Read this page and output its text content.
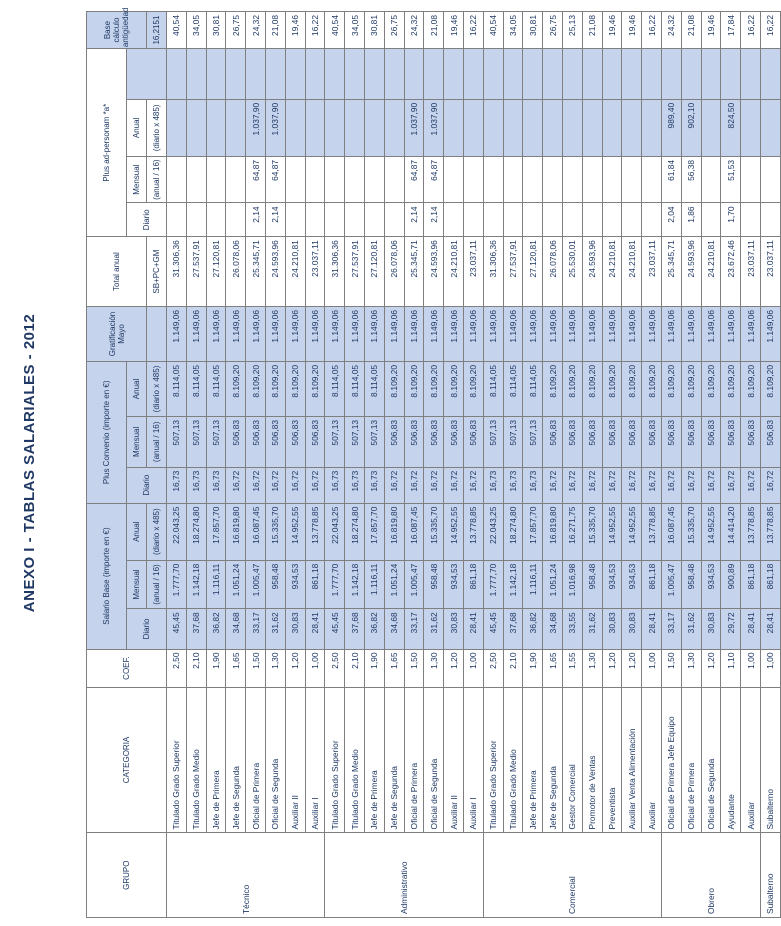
ANEXO I - TABLAS SALARIALES - 2012
GRUPO	CATEGORIA	COEF.	Salario Base (importe en €)			Plus Convenio (importe en €)			Gratificación Mayo	Total anual	Plus ad-personam *a*				Base cálculo antigüedad
			Diario	Mensual	Anual	Diario	Mensual	Anual			Diario	Mensual	Anual		
				(anual / 16)	(diario x 485)		(anual / 16)	(diario x 485)		SB+PC+GM		(anual / 16)	(diario x 485)		16,2151
Técnico	Titulado Grado Superior	2,50	45,45	1.777,70	22.043,25	16,73	507,13	8.114,05	1.149,06	31.306,36					40,54
	Titulado Grado Medio	2,10	37,68	1.142,18	18.274,80	16,73	507,13	8.114,05	1.149,06	27.537,91					34,05
	Jefe de Primera	1,90	36,82	1.116,11	17.857,70	16,73	507,13	8.114,05	1.149,06	27.120,81					30,81
	Jefe de Segunda	1,65	34,68	1.051,24	16.819,80	16,72	506,83	8.109,20	1.149,06	26.078,06					26,75
	Oficial de Primera	1,50	33,17	1.005,47	16.087,45	16,72	506,83	8.109,20	1.149,06	25.345,71	2,14	64,87	1.037,90		24,32
	Oficial de Segunda	1,30	31,62	958,48	15.335,70	16,72	506,83	8.109,20	1.149,06	24.593,96	2,14	64,87	1.037,90		21,08
	Auxiliar II	1,20	30,83	934,53	14.952,55	16,72	506,83	8.109,20	1.149,06	24.210,81					19,46
	Auxiliar I	1,00	28,41	861,18	13.778,85	16,72	506,83	8.109,20	1.149,06	23.037,11					16,22
Administrativo	Titulado Grado Superior	2,50	45,45	1.777,70	22.043,25	16,73	507,13	8.114,05	1.149,06	31.306,36					40,54
	Titulado Grado Medio	2,10	37,68	1.142,18	18.274,80	16,73	507,13	8.114,05	1.149,06	27.537,91					34,05
	Jefe de Primera	1,90	36,82	1.116,11	17.857,70	16,73	507,13	8.114,05	1.149,06	27.120,81					30,81
	Jefe de Segunda	1,65	34,68	1.051,24	16.819,80	16,72	506,83	8.109,20	1.149,06	26.078,06					26,75
	Oficial de Primera	1,50	33,17	1.005,47	16.087,45	16,72	506,83	8.109,20	1.149,06	25.345,71	2,14	64,87	1.037,90		24,32
	Oficial de Segunda	1,30	31,62	958,48	15.335,70	16,72	506,83	8.109,20	1.149,06	24.593,96	2,14	64,87	1.037,90		21,08
	Auxiliar II	1,20	30,83	934,53	14.952,55	16,72	506,83	8.109,20	1.149,06	24.210,81					19,46
	Auxiliar I	1,00	28,41	861,18	13.778,85	16,72	506,83	8.109,20	1.149,06	23.037,11					16,22
Comercial	Titulado Grado Superior	2,50	45,45	1.777,70	22.043,25	16,73	507,13	8.114,05	1.149,06	31.306,36					40,54
	Titulado Grado Medio	2,10	37,68	1.142,18	18.274,80	16,73	507,13	8.114,05	1.149,06	27.537,91					34,05
	Jefe de Primera	1,90	36,82	1.116,11	17.857,70	16,73	507,13	8.114,05	1.149,06	27.120,81					30,81
	Jefe de Segunda	1,65	34,68	1.051,24	16.819,80	16,72	506,83	8.109,20	1.149,06	26.078,06					26,75
	Gestor Comercial	1,55	33,55	1.016,98	16.271,75	16,72	506,83	8.109,20	1.149,06	25.530,01					25,13
	Promotor de Ventas	1,30	31,62	958,48	15.335,70	16,72	506,83	8.109,20	1.149,06	24.593,96					21,08
	Preventista	1,20	30,83	934,53	14.952,55	16,72	506,83	8.109,20	1.149,06	24.210,81					19,46
	Auxiliar Venta Alimentación	1,20	30,83	934,53	14.952,55	16,72	506,83	8.109,20	1.149,06	24.210,81					19,46
	Auxiliar	1,00	28,41	861,18	13.778,85	16,72	506,83	8.109,20	1.149,06	23.037,11					16,22
Obrero	Oficial de Primera Jefe Equipo	1,50	33,17	1.005,47	16.087,45	16,72	506,83	8.109,20	1.149,06	25.345,71	2,04	61,84	989,40		24,32
	Oficial de Primera	1,30	31,62	958,48	15.335,70	16,72	506,83	8.109,20	1.149,06	24.593,96	1,86	56,38	902,10		21,08
	Oficial de Segunda	1,20	30,83	934,53	14.952,55	16,72	506,83	8.109,20	1.149,06	24.210,81					19,46
	Ayudante	1,10	29,72	900,89	14.414,20	16,72	506,83	8.109,20	1.149,06	23.672,46	1,70	51,53	824,50		17,84
	Auxiliar	1,00	28,41	861,18	13.778,85	16,72	506,83	8.109,20	1.149,06	23.037,11					16,22
Subalterno	Subalterno	1,00	28,41	861,18	13.778,85	16,72	506,83	8.109,20	1.149,06	23.037,11					16,22
